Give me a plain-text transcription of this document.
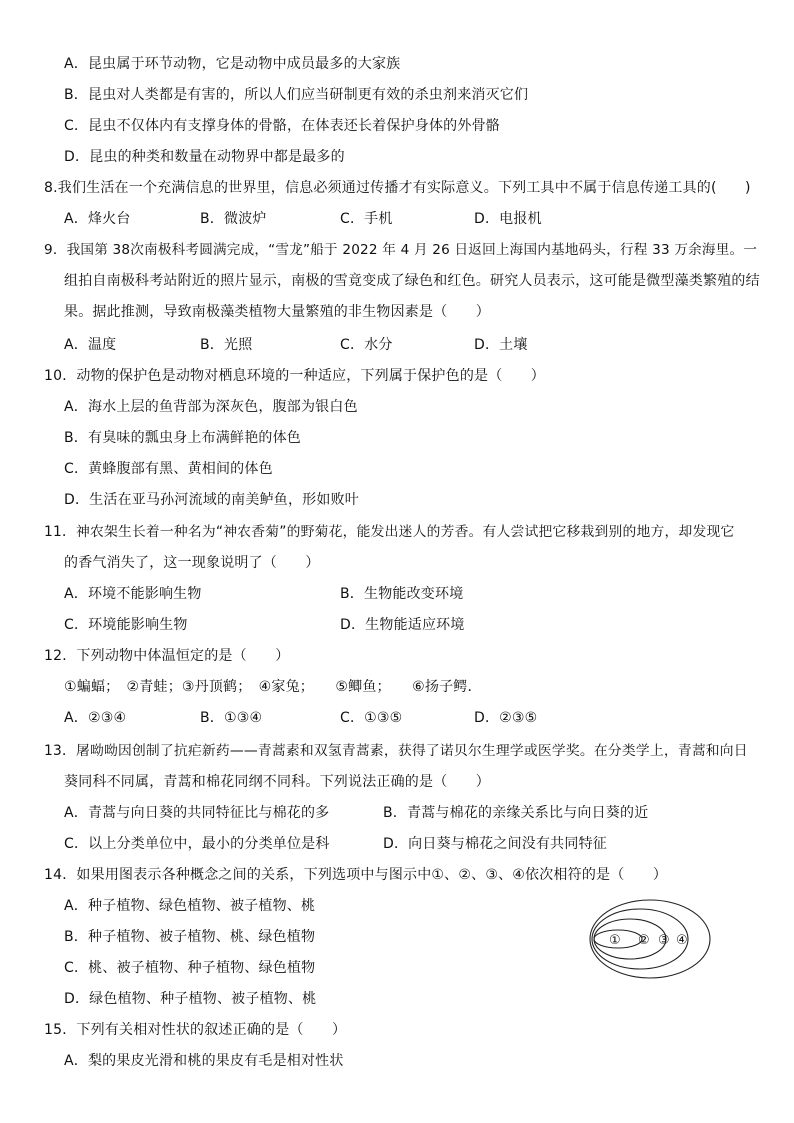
A．昆虫属于环节动物，它是动物中成员最多的大家族
B．昆虫对人类都是有害的，所以人们应当研制更有效的杀虫剂来消灭它们
C．昆虫不仅体内有支撑身体的骨骼，在体表还长着保护身体的外骨骼
D．昆虫的种类和数量在动物界中都是最多的
8.我们生活在一个充满信息的世界里，信息必须通过传播才有实际意义。下列工具中不属于信息传递工具的(　　)
A．烽火台	B．微波炉	C．手机	D．电报机
9．我国第 38次南极科考圆满完成，“雪龙”船于 2022 年 4 月 26 日返回上海国内基地码头，行程 33 万余海里。一
组拍自南极科考站附近的照片显示，南极的雪竟变成了绿色和红色。研究人员表示，这可能是微型藻类繁殖的结
果。据此推测，导致南极藻类植物大量繁殖的非生物因素是（　　）
A．温度	B．光照	C．水分	D．土壤
10．动物的保护色是动物对栖息环境的一种适应，下列属于保护色的是（　　）
A．海水上层的鱼背部为深灰色，腹部为银白色
B．有臭味的瓢虫身上布满鲜艳的体色
C．黄蜂腹部有黑、黄相间的体色
D．生活在亚马孙河流域的南美鲈鱼，形如败叶
11．神农架生长着一种名为“神农香菊”的野菊花，能发出迷人的芳香。有人尝试把它移栽到别的地方，却发现它
的香气消失了，这一现象说明了（　　）
A．环境不能影响生物	B．生物能改变环境
C．环境能影响生物	D．生物能适应环境
12．下列动物中体温恒定的是（　　）
①蝙蝠；　②青蛙；③丹顶鹤；　④家兔；　　⑤鲫鱼；　　⑥扬子鳄．
A．②③④	B．①③④	C．①③⑤	D．②③⑤
13．屠呦呦因创制了抗疟新药——青蒿素和双氢青蒿素，获得了诺贝尔生理学或医学奖。在分类学上，青蒿和向日
葵同科不同属，青蒿和棉花同纲不同科。下列说法正确的是（　　）
A．青蒿与向日葵的共同特征比与棉花的多	B．青蒿与棉花的亲缘关系比与向日葵的近
C．以上分类单位中，最小的分类单位是科	D．向日葵与棉花之间没有共同特征
14．如果用图表示各种概念之间的关系，下列选项中与图示中①、②、③、④依次相符的是（　　）
A．种子植物、绿色植物、被子植物、桃
B．种子植物、被子植物、桃、绿色植物
C．桃、被子植物、种子植物、绿色植物
D．绿色植物、种子植物、被子植物、桃
① ② ③ ④
15．下列有关相对性状的叙述正确的是（　　）
A．梨的果皮光滑和桃的果皮有毛是相对性状
